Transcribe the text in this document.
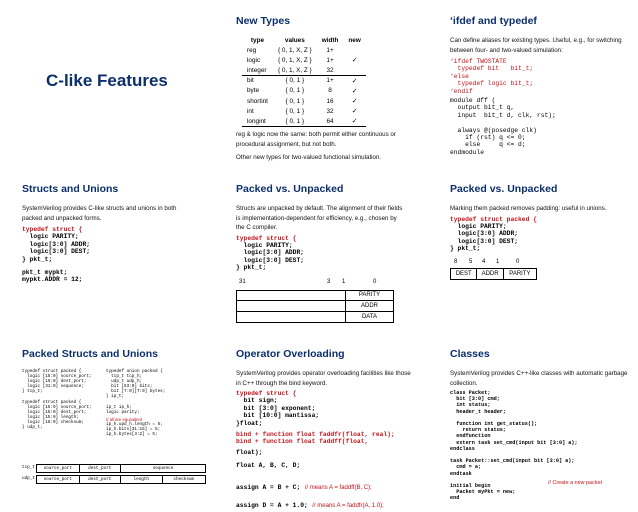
C-like Features
New Types
type	values	width	new
reg	{ 0, 1, X, Z }	1+	
logic	{ 0, 1, X, Z }	1+	✓
integer	{ 0, 1, X, Z }	32	
bit	{ 0, 1 }	1+	✓
byte	{ 0, 1 }	8	✓
shortint	{ 0, 1 }	16	✓
int	{ 0, 1 }	32	✓
longint	{ 0, 1 }	64	✓
reg & logic now the same: both permit either continuous or procedural assignment, but not both.
Other new types for two-valued functional simulation.
‘ifdef and typedef
Can define aliases for existing types. Useful, e.g., for switching between four- and two-valued simulation:
‘ifdef TWOSTATE
typedef bit   bit_t;
‘else
typedef logic bit_t;
‘endif
module dff (
output bit_t q,
input  bit_t d, clk, rst);

always @(posedge clk)
if (rst) q <= 0;
else     q <= d;
endmodule
Structs and Unions
SystemVerilog provides C-like structs and unions in both packed and unpacked forms.
typedef struct {
logic PARITY;
logic[3:0] ADDR;
logic[3:0] DEST;
} pkt_t;
pkt_t mypkt;
mypkt.ADDR = 12;
Packed vs. Unpacked
Structs are unpacked by default. The alignment of their fields is implementation-dependent for efficiency, e.g., chosen by the C compiler.
typedef struct {
logic PARITY;
logic[3:0] ADDR;
logic[3:0] DEST;
} pkt_t;
31	3 1	0
PARITY
ADDR
DATA
Packed vs. Unpacked
Marking them packed removes padding: useful in unions.
typedef struct packed {
logic PARITY;
logic[3:0] ADDR;
logic[3:0] DEST;
} pkt_t;
8 5 4 1	0
DEST	ADDR	PARITY
Packed Structs and Unions
typedef struct packed {
logic [15:0] source_port;
logic [15:0] dest_port;
logic [31:0] sequence;
} tcp_t;

typedef struct packed {
logic [15:0] source_port;
logic [15:0] dest_port;
logic [15:0] length;
logic [15:0] checksum;
} udp_t;
typedef union packed {
tcp_t tcp_h;
udp_t udp_h;
bit [63:0] bits;
bit [7:0][7:0] bytes;
} ip_t;

ip_t ip_h;
logic parity;
// all are equivalent
ip_h.upd_h.length = 5;
ip_h.bits[31:16] = 5;
ip_h.bytes[3:2] = 5;
tcp_t	source_port	dest_port	sequence
udp_t	source_port	dest_port	length	checksum
Operator Overloading
SystemVerilog provides operator overloading facilities like those in C++ through the bind keyword.
typedef struct {
bit sign;
bit [3:0] exponent;
bit [10:0] mantissa;
}float;
bind + function float faddfr(float, real);
bind + function float faddff(float,
float);
float A, B, C, D;
assign A = B + C; // means A = faddff(B, C);
assign D = A + 1.0; // means A = faddfr(A, 1.0);
Classes
SystemVerilog provides C++-like classes with automatic garbage collection.
class Packet;
bit [3:0] cmd;
int status;
header_t header;

function int get_status();
return status;
endfunction
extern task set_cmd(input bit [3:0] a);
endclass

task Packet::set_cmd(input bit [3:0] a);
cmd = a;
endtask

initial begin
Packet myPkt = new;
// Create a new packet
end
